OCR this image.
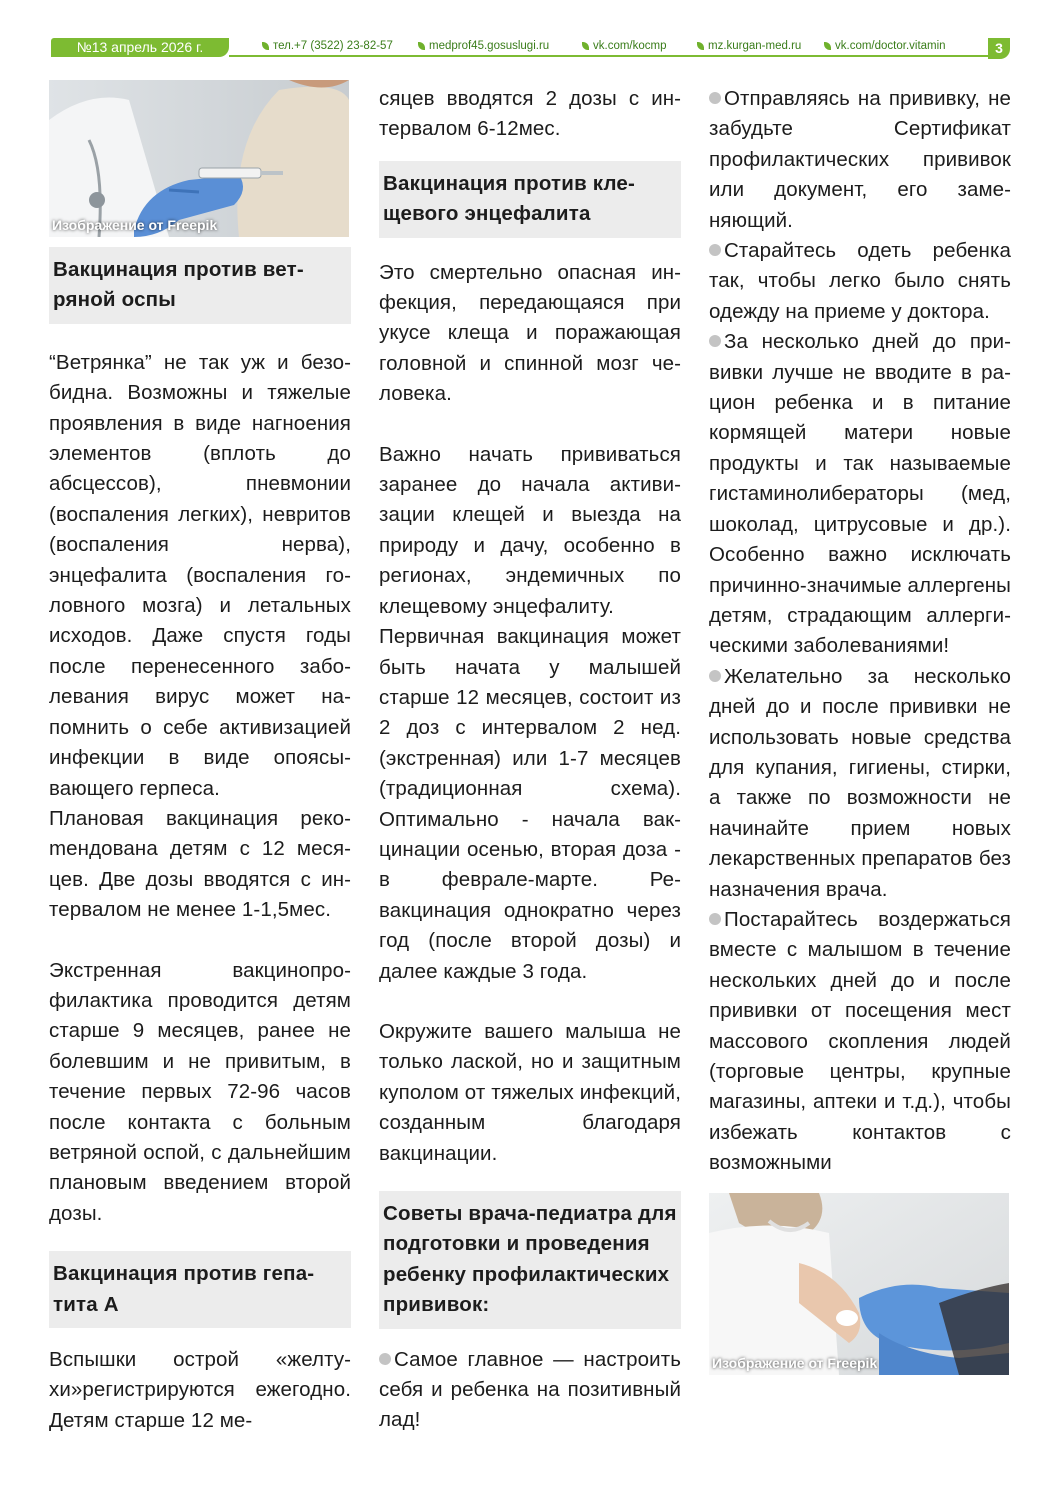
№13 апрель 2026 г.	тел.+7 (3522) 23-82-57	medprof45.gosuslugi.ru	vk.com/kocmp	mz.kurgan-med.ru	vk.com/doctor.vitamin	3
Изображение от Freepik

Вакцинация против ветряной оспы

“Ветрянка” не так уж и безобидна. Возможны и тяжелые проявления в виде нагноения элементов (вплоть до абсцессов), пневмонии (воспаления легких), невритов (воспаления нерва), энцефалита (воспаления головного мозга) и летальных исходов. Даже спустя годы после перенесенного заболевания вирус может напомнить о себе активизацией инфекции в виде опоясывающего герпеса.

Плановая вакцинация рекоmендована детям с 12 месяцев. Две дозы вводятся с интервалом не менее 1-1,5мес.

Экстренная вакцинопрофилактика проводится детям старше 9 месяцев, ранее не болевшим и не привитым, в течение первых 72-96 часов после контакта с больным ветряной оспой, с дальнейшим плановым введением второй дозы.

Вакцинация против гепатита А

Вспышки острой «желтухи»регистрируются ежегодно. Детям старше 12 ме-

сяцев вводятся 2 дозы с интервалом 6-12мес.

Вакцинация против клещевого энцефалита

Это смертельно опасная инфекция, передающаяся при укусе клеща и поражающая головной и спинной мозг человека.

Важно начать прививаться заранее до начала активизации клещей и выезда на природу и дачу, особенно в регионах, эндемичных по клещевому энцефалиту.

Первичная вакцинация может быть начата у малышей старше 12 месяцев, состоит из 2 доз с интервалом 2 нед. (экстренная) или 1-7 месяцев (традиционная схема). Оптимально - начала вакцинации осенью, вторая доза - в феврале-марте. Ревакцинация однократно через год (после второй дозы) и далее каждые 3 года.

Окружите вашего малыша не только лаской, но и защитным куполом от тяжелых инфекций, созданным благодаря вакцинации.

Советы врача-педиатра для подготовки и проведения ребенку профилактических прививок:

Самое главное — настроить себя и ребенка на позитивный лад!

Отправляясь на прививку, не забудьте Сертификат профилактических прививок или документ, его заменяющий.

Старайтесь одеть ребенка так, чтобы легко было снять одежду на приеме у доктора.

За несколько дней до прививки лучше не вводите в рацион ребенка и в питание кормящей матери новые продукты и так называемые гистаминолибераторы (мед, шоколад, цитрусовые и др.). Особенно важно исключать причинно-значимые аллергены детям, страдающим аллергическими заболеваниями!

Желательно за несколько дней до и после прививки не использовать новые средства для купания, гигиены, стирки, а также по возможности не начинайте прием новых лекарственных препаратов без назначения врача.

Постарайтесь воздержаться вместе с малышом в течение нескольких дней до и после прививки от посещения мест массового скопления людей (торговые центры, крупные магазины, аптеки и т.д.), чтобы избежать контактов с возможными

Изображение от Freepik
